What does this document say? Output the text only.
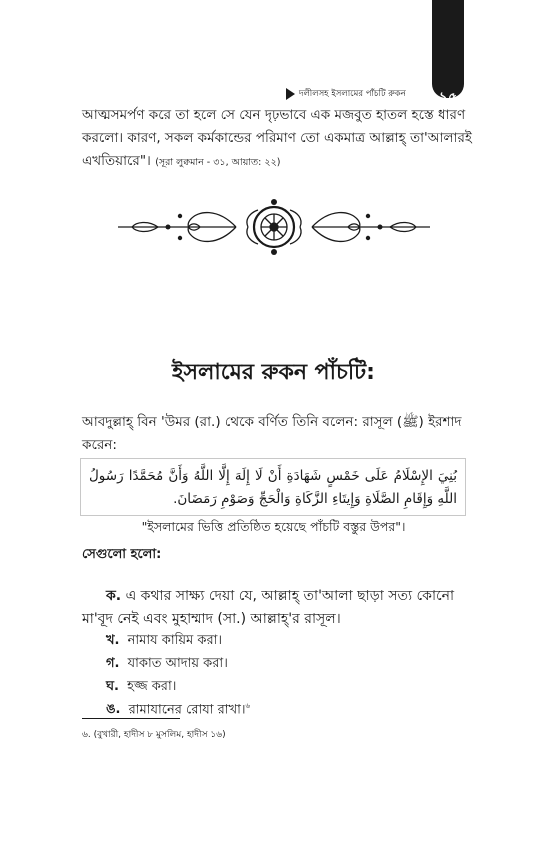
১৫
দলীলসহ ইসলামের পাঁচটি রুকন
আত্মসমর্পণ করে তা হলে সে যেন দৃঢ়ভাবে এক মজবুত হাতল হস্তে ধারণ
করলো। কারণ, সকল কর্মকান্ডের পরিমাণ তো একমাত্র আল্লাহ্ তা'আলারই
এখতিয়ারে"। (সূরা লুক্বমান - ৩১, আয়াত: ২২)
ইসলামের রুকন পাঁচটি:
আবদুল্লাহ্ বিন 'উমর (রা.) থেকে বর্ণিত তিনি বলেন: রাসূল (ﷺ) ইরশাদ
করেন:
بُنِيَ الإِسْلَامُ عَلَى خَمْسٍ شَهَادَةِ أَنْ لَا إِلَهَ إِلَّا اللَّهُ وَأَنَّ مُحَمَّدًا رَسُولُ اللَّهِ وَإِقَامِ الصَّلَاةِ وَإِيتَاءِ الزَّكَاةِ وَالْحَجِّ وَصَوْمِ رَمَضَانَ.
"ইসলামের ভিত্তি প্রতিষ্ঠিত হয়েছে পাঁচটি বস্তুর উপর"।
সেগুলো হলো:
ক. এ কথার সাক্ষ্য দেয়া যে, আল্লাহ্ তা'আলা ছাড়া সত্য কোনো
মা'বূদ নেই এবং মুহাম্মাদ (সা.) আল্লাহ্'র রাসূল।
খ. নামায কায়িম করা।
গ. যাকাত আদায় করা।
ঘ. হজ্জ করা।
ঙ. রামাযানের রোযা রাখা।$^৬$
৬. (বুখারী, হাদীস ৮ মুসলিম, হাদীস ১৬)
